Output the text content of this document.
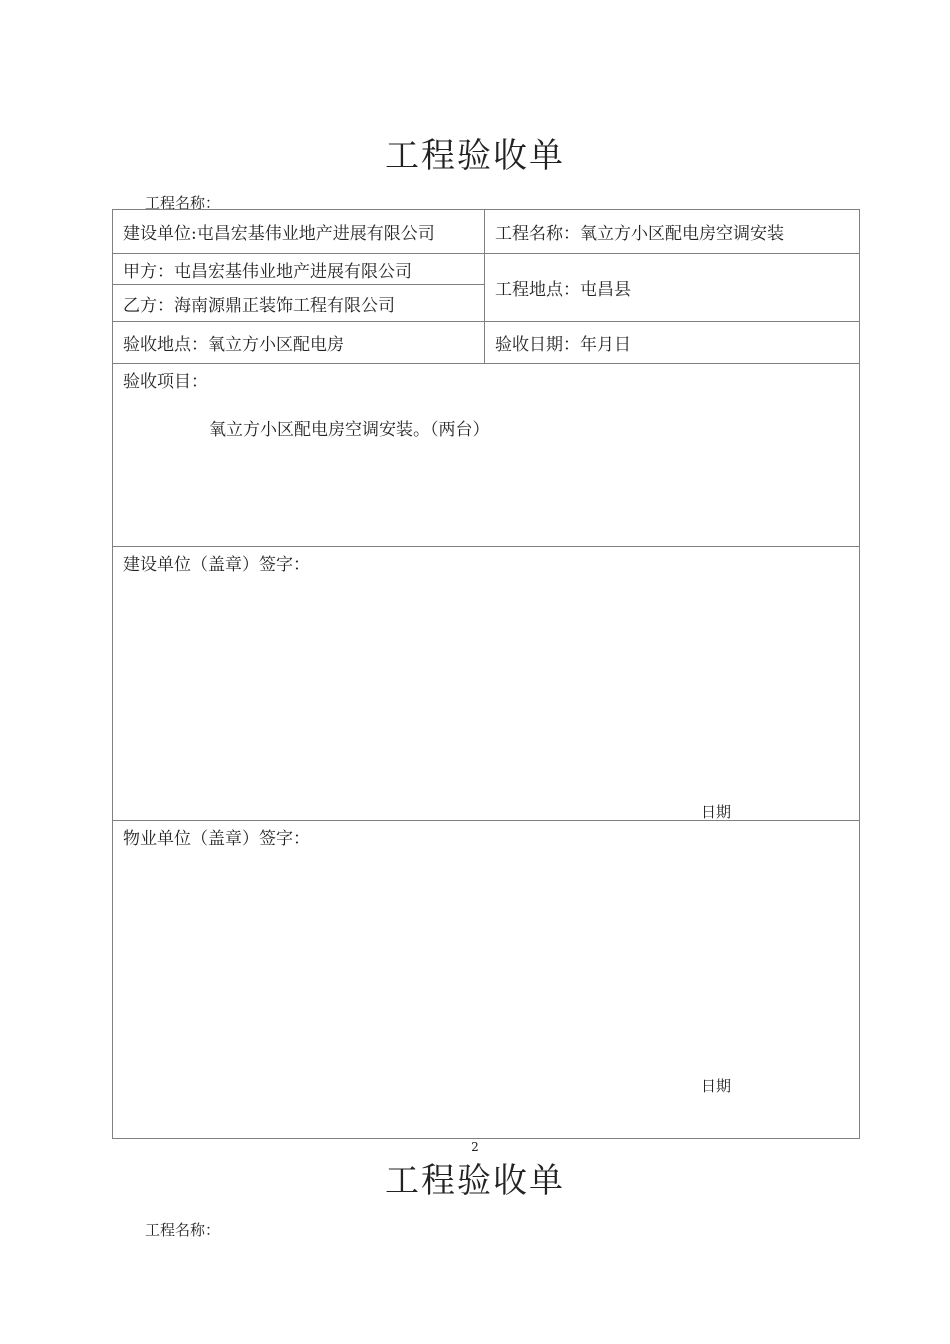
工程验收单
工程名称：
建设单位:屯昌宏基伟业地产进展有限公司	工程名称：氧立方小区配电房空调安装
甲方：屯昌宏基伟业地产进展有限公司	工程地点：屯昌县
乙方：海南源鼎正装饰工程有限公司	
验收地点：氧立方小区配电房	验收日期：年月日

验收项目：
氧立方小区配电房空调安装。（两台）	

建设单位（盖章）签字：
日期	

物业单位（盖章）签字：
日期	
2
工程验收单
工程名称：
